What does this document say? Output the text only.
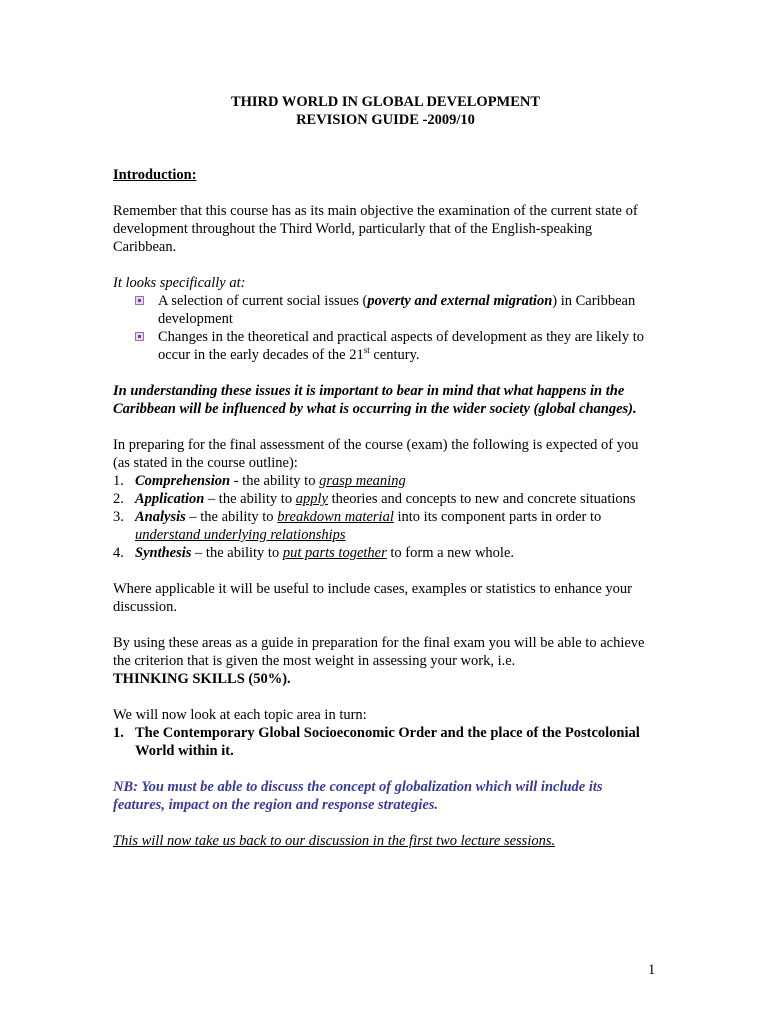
THIRD WORLD IN GLOBAL DEVELOPMENT
REVISION GUIDE -2009/10
Introduction:

Remember that this course has as its main objective the examination of the current state of development throughout the Third World, particularly that of the English-speaking Caribbean.

It looks specifically at:

A selection of current social issues (poverty and external migration) in Caribbean development
Changes in the theoretical and practical aspects of development as they are likely to occur in the early decades of the 21st century.

In understanding these issues it is important to bear in mind that what happens in the Caribbean will be influenced by what is occurring in the wider society (global changes).

In preparing for the final assessment of the course (exam) the following is expected of you (as stated in the course outline):

1. Comprehension - the ability to grasp meaning
2. Application – the ability to apply theories and concepts to new and concrete situations
3. Analysis – the ability to breakdown material into its component parts in order to understand underlying relationships
4. Synthesis – the ability to put parts together to form a new whole.

Where applicable it will be useful to include cases, examples or statistics to enhance your discussion.

By using these areas as a guide in preparation for the final exam you will be able to achieve the criterion that is given the most weight in assessing your work, i.e.
THINKING SKILLS (50%).

We will now look at each topic area in turn:

1. The Contemporary Global Socioeconomic Order and the place of the Postcolonial World within it.

NB: You must be able to discuss the concept of globalization which will include its features, impact on the region and response strategies.

This will now take us back to our discussion in the first two lecture sessions.

1
